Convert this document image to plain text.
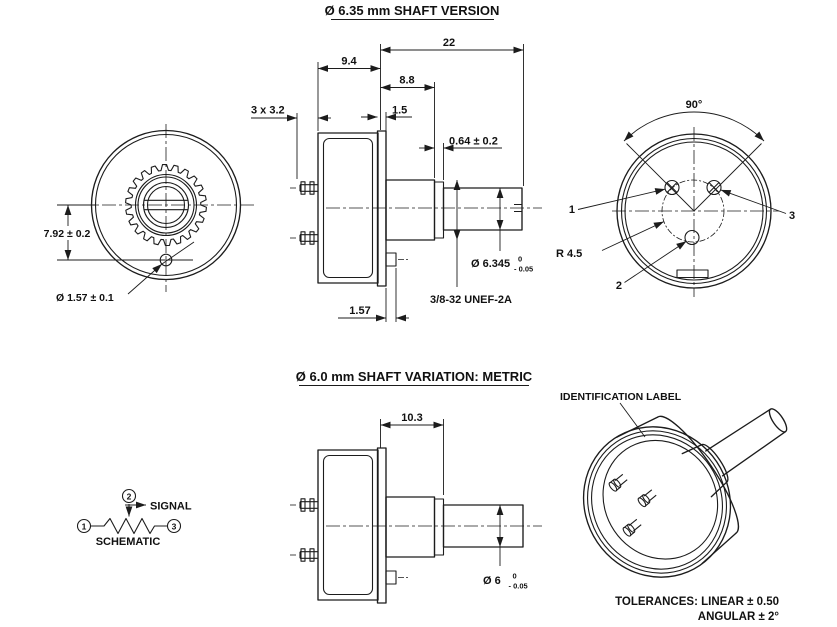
Ø 6.35 mm SHAFT VERSION
Ø 6.0 mm SHAFT VARIATION: METRIC
7.92 ± 0.2
Ø 1.57 ± 0.1
22
9.4
8.8
1.5
0.64 ± 0.2
3 x 3.2
Ø 6.345 0
- 0.05
3/8-32 UNEF-2A
1.57
90°
1	3
2
R 4.5
1	3
2
SIGNAL
SCHEMATIC
10.3
Ø 6 0
- 0.05
IDENTIFICATION LABEL
TOLERANCES: LINEAR ± 0.50
ANGULAR ± 2°
